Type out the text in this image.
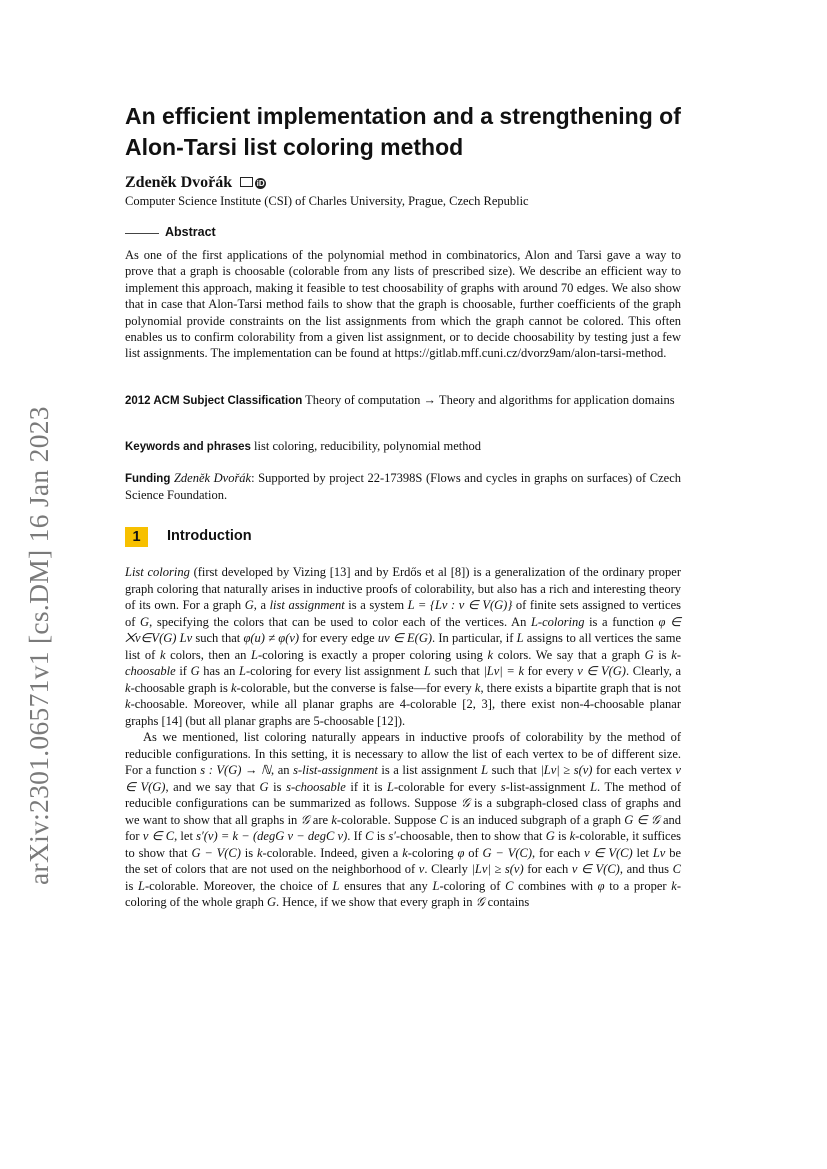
arXiv:2301.06571v1 [cs.DM] 16 Jan 2023
An efficient implementation and a strengthening of Alon-Tarsi list coloring method
Zdeněk Dvořák	iD
Computer Science Institute (CSI) of Charles University, Prague, Czech Republic
Abstract
As one of the first applications of the polynomial method in combinatorics, Alon and Tarsi gave a way to prove that a graph is choosable (colorable from any lists of prescribed size). We describe an efficient way to implement this approach, making it feasible to test choosability of graphs with around 70 edges. We also show that in case that Alon-Tarsi method fails to show that the graph is choosable, further coefficients of the graph polynomial provide constraints on the list assignments from which the graph cannot be colored. This often enables us to confirm colorability from a given list assignment, or to decide choosability by testing just a few list assignments. The implementation can be found at https://gitlab.mff.cuni.cz/dvorz9am/alon-tarsi-method.
2012 ACM Subject Classification Theory of computation → Theory and algorithms for application domains
Keywords and phrases list coloring, reducibility, polynomial method
Funding Zdeněk Dvořák: Supported by project 22-17398S (Flows and cycles in graphs on surfaces) of Czech Science Foundation.
1	Introduction

List coloring (first developed by Vizing [13] and by Erdős et al [8]) is a generalization of the ordinary proper graph coloring that naturally arises in inductive proofs of colorability, but also has a rich and interesting theory of its own. For a graph G, a list assignment is a system L = {Lv : v ∈ V(G)} of finite sets assigned to vertices of G, specifying the colors that can be used to color each of the vertices. An L-coloring is a function φ ∈ ⨉v∈V(G) Lv such that φ(u) ≠ φ(v) for every edge uv ∈ E(G). In particular, if L assigns to all vertices the same list of k colors, then an L-coloring is exactly a proper coloring using k colors. We say that a graph G is k-choosable if G has an L-coloring for every list assignment L such that |Lv| = k for every v ∈ V(G). Clearly, a k-choosable graph is k-colorable, but the converse is false—for every k, there exists a bipartite graph that is not k-choosable. Moreover, while all planar graphs are 4-colorable [2, 3], there exist non-4-choosable planar graphs [14] (but all planar graphs are 5-choosable [12]).

As we mentioned, list coloring naturally appears in inductive proofs of colorability by the method of reducible configurations. In this setting, it is necessary to allow the list of each vertex to be of different size. For a function s : V(G) → ℕ, an s-list-assignment is a list assignment L such that |Lv| ≥ s(v) for each vertex v ∈ V(G), and we say that G is s-choosable if it is L-colorable for every s-list-assignment L. The method of reducible configurations can be summarized as follows. Suppose 𝒢 is a subgraph-closed class of graphs and we want to show that all graphs in 𝒢 are k-colorable. Suppose C is an induced subgraph of a graph G ∈ 𝒢 and for v ∈ C, let s′(v) = k − (degG v − degC v). If C is s′-choosable, then to show that G is k-colorable, it suffices to show that G − V(C) is k-colorable. Indeed, given a k-coloring φ of G − V(C), for each v ∈ V(C) let Lv be the set of colors that are not used on the neighborhood of v. Clearly |Lv| ≥ s(v) for each v ∈ V(C), and thus C is L-colorable. Moreover, the choice of L ensures that any L-coloring of C combines with φ to a proper k-coloring of the whole graph G. Hence, if we show that every graph in 𝒢 contains
